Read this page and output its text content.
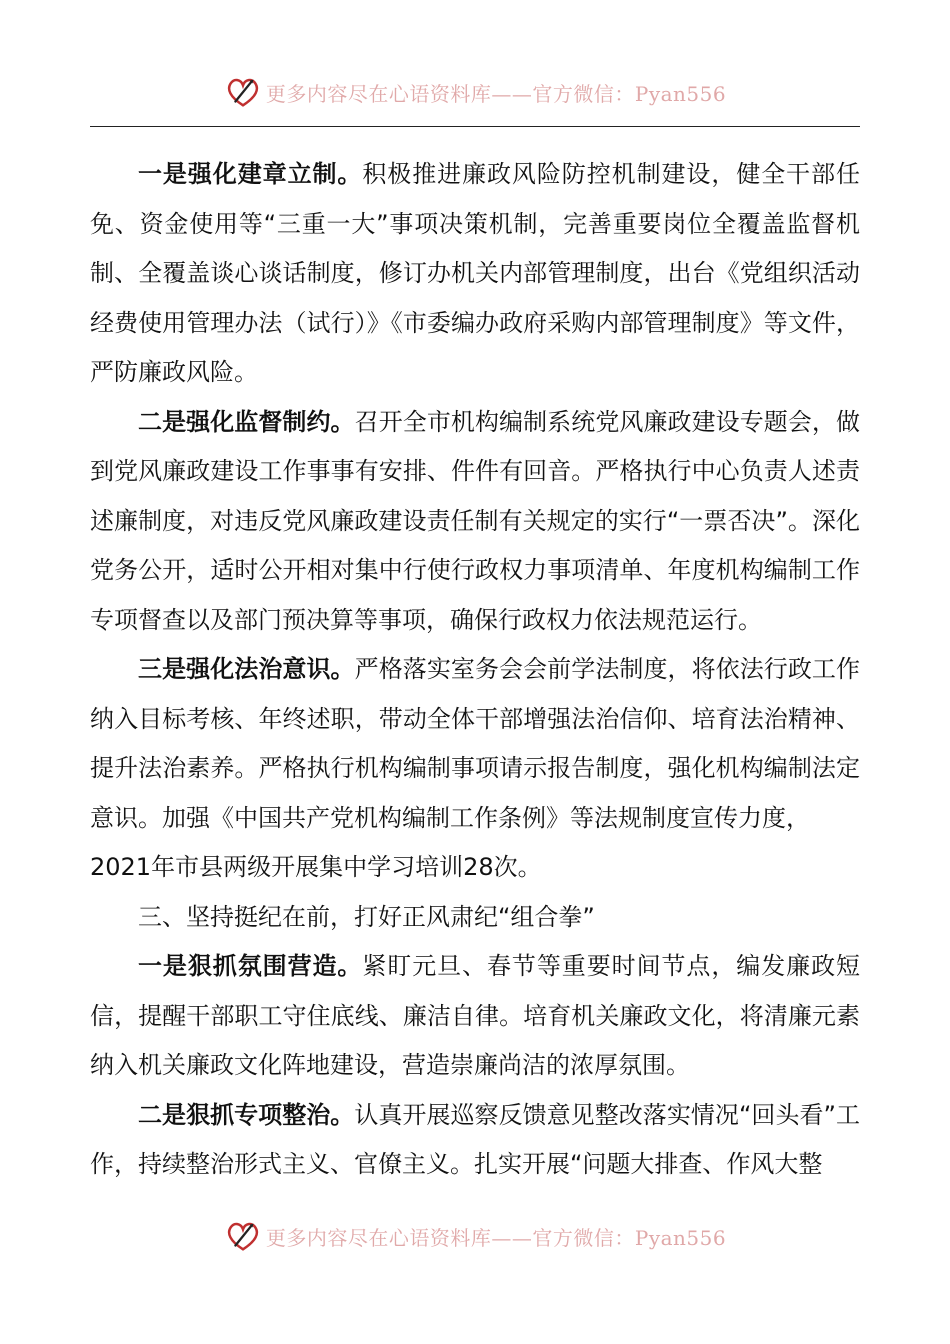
更多内容尽在心语资料库——官方微信：Pyan556

一是强化建章立制。积极推进廉政风险防控机制建设，健全干部任免、资金使用等“三重一大”事项决策机制，完善重要岗位全覆盖监督机制、全覆盖谈心谈话制度，修订办机关内部管理制度，出台《党组织活动经费使用管理办法（试行）》《市委编办政府采购内部管理制度》等文件，严防廉政风险。

二是强化监督制约。召开全市机构编制系统党风廉政建设专题会，做到党风廉政建设工作事事有安排、件件有回音。严格执行中心负责人述责述廉制度，对违反党风廉政建设责任制有关规定的实行“一票否决”。深化党务公开，适时公开相对集中行使行政权力事项清单、年度机构编制工作专项督查以及部门预决算等事项，确保行政权力依法规范运行。

三是强化法治意识。严格落实室务会会前学法制度，将依法行政工作纳入目标考核、年终述职，带动全体干部增强法治信仰、培育法治精神、提升法治素养。严格执行机构编制事项请示报告制度，强化机构编制法定意识。加强《中国共产党机构编制工作条例》等法规制度宣传力度，

2021年市县两级开展集中学习培训28次。

三、坚持挺纪在前，打好正风肃纪“组合拳”

一是狠抓氛围营造。紧盯元旦、春节等重要时间节点，编发廉政短信，提醒干部职工守住底线、廉洁自律。培育机关廉政文化，将清廉元素纳入机关廉政文化阵地建设，营造崇廉尚洁的浓厚氛围。

二是狠抓专项整治。认真开展巡察反馈意见整改落实情况“回头看”工作，持续整治形式主义、官僚主义。扎实开展“问题大排查、作风大整

更多内容尽在心语资料库——官方微信：Pyan556
